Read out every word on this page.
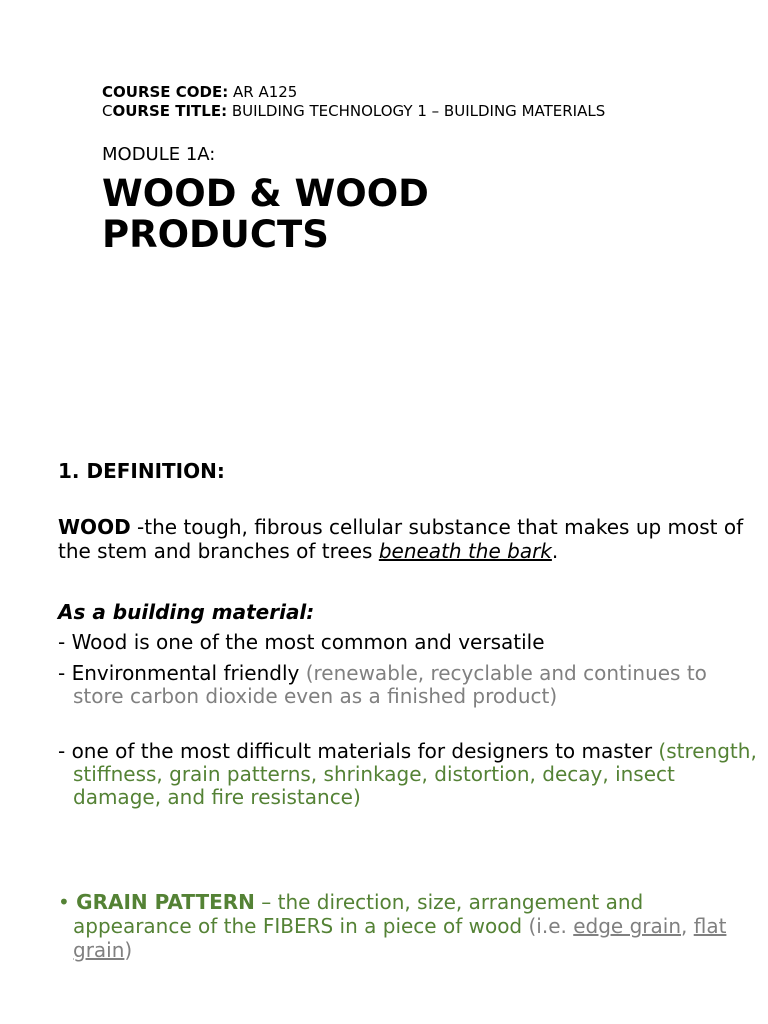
COURSE CODE: AR A125
COURSE TITLE: BUILDING TECHNOLOGY 1 – BUILDING MATERIALS
MODULE 1A:
WOOD & WOOD
PRODUCTS
1. DEFINITION:
WOOD -the tough, fibrous cellular substance that makes up most of the stem and branches of trees beneath the bark.
As a building material:
- Wood is one of the most common and versatile
- Environmental friendly (renewable, recyclable and continues to store carbon dioxide even as a finished product)
- one of the most difficult materials for designers to master (strength, stiffness, grain patterns, shrinkage, distortion, decay, insect damage, and fire resistance)
• GRAIN PATTERN – the direction, size, arrangement and appearance of the FIBERS in a piece of wood (i.e. edge grain, flat grain)
